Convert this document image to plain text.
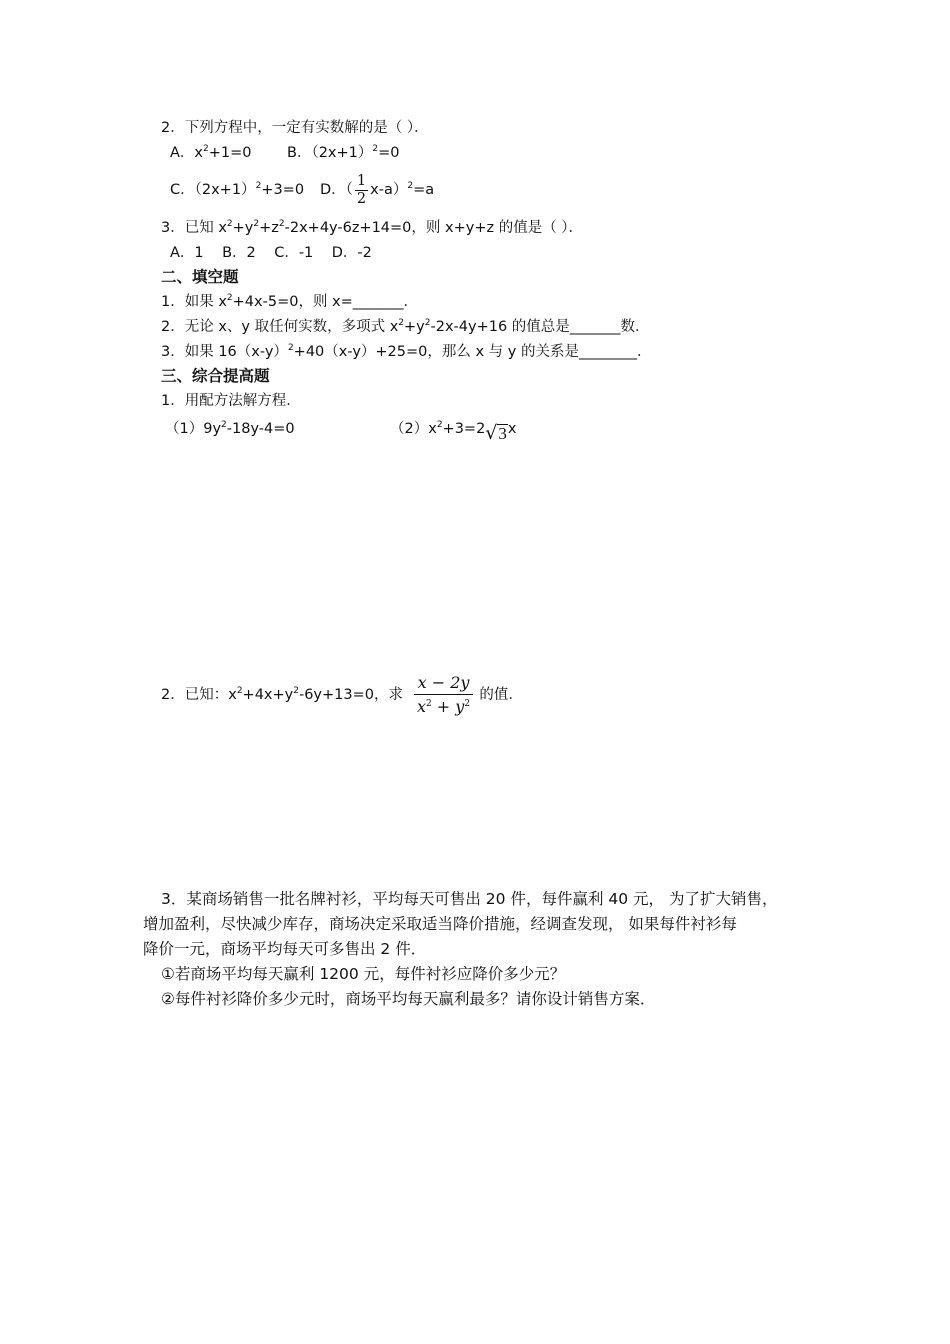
2．下列方程中，一定有实数解的是（ ）．
A．$x^2+1=0$ B．$(2x+1)^2=0$
C．$(2x+1)^2+3=0$ D．（ $\frac{1}{2} x-a)^2=a$
3．已知 $x^2+y^2+z^2-2x+4y-6z+14=0$，则 x+y+z 的值是（ ）．
A．1    B．2    C．-1    D．-2
二、填空题
1．如果 $x^2+4x-5=0$，则 x=_______．
2．无论 x、y 取任何实数，多项式 $x^2+y^2-2x-4y+16$ 的值总是_______数．
3．如果 $16(x-y)^2+40(x-y)+25=0$，那么 x 与 y 的关系是________．
三、综合提高题
1．用配方法解方程．
$(1)9y^2-18y-4=0$	$(2)x^2+3=2√3x$
2．已知：$x^2+4x+y^2-6y+13=0$，求 $\frac{x - 2y}{x^2 + y^2}$ 的值．
3．某商场销售一批名牌衬衫，平均每天可售出 20 件，每件赢利 40 元， 为了扩大销售，
增加盈利，尽快减少库存，商场决定采取适当降价措施，经调查发现， 如果每件衬衫每
降价一元，商场平均每天可多售出 2 件．
①若商场平均每天赢利 1200 元，每件衬衫应降价多少元？
②每件衬衫降价多少元时，商场平均每天赢利最多？请你设计销售方案．
